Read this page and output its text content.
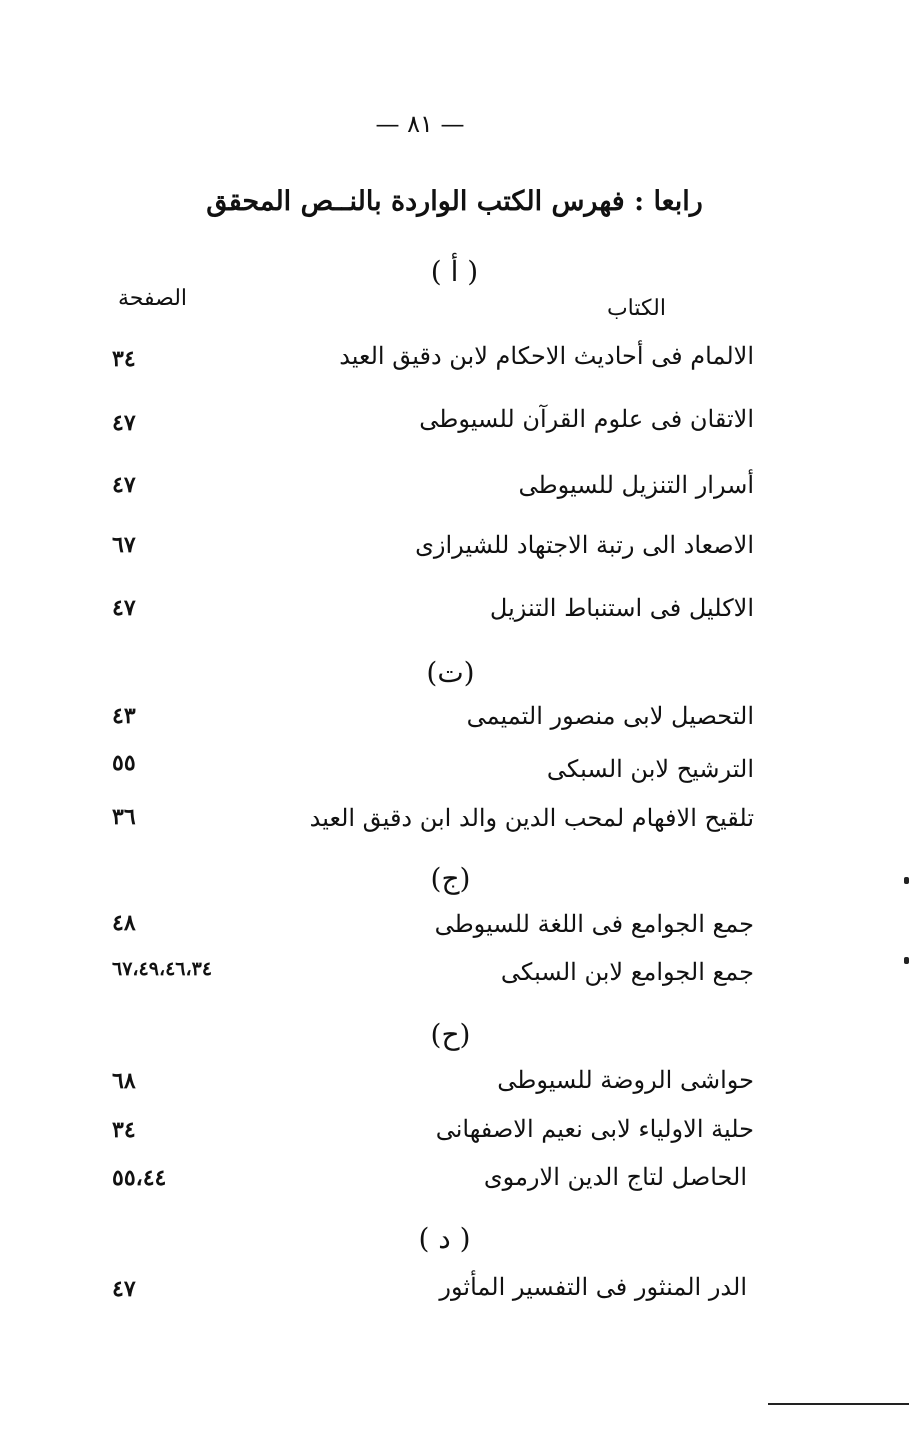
— ٨١ —
رابعا : فهرس الكتب الواردة بالنــص المحقق
( أ )
الصفحة	الكتاب
الالمام فى أحاديث الاحكام لابن دقيق العيد
٣٤
الاتقان فى علوم القرآن للسيوطى
٤٧
أسرار التنزيل للسيوطى
٤٧
الاصعاد الى رتبة الاجتهاد للشيرازى
٦٧
الاكليل فى استنباط التنزيل
٤٧
(ت)
التحصيل لابى منصور التميمى
٤٣
الترشيح لابن السبكى
٥٥
تلقيح الافهام لمحب الدين والد ابن دقيق العيد
٣٦
(ج)
جمع الجوامع فى اللغة للسيوطى
٤٨
جمع الجوامع لابن السبكى
٦٧،٤٩،٤٦،٣٤
(ح)
حواشى الروضة للسيوطى
٦٨
حلية الاولياء لابى نعيم الاصفهانى
٣٤
الحاصل لتاج الدين الارموى
٥٥،٤٤
( د )
الدر المنثور فى التفسير المأثور
٤٧
